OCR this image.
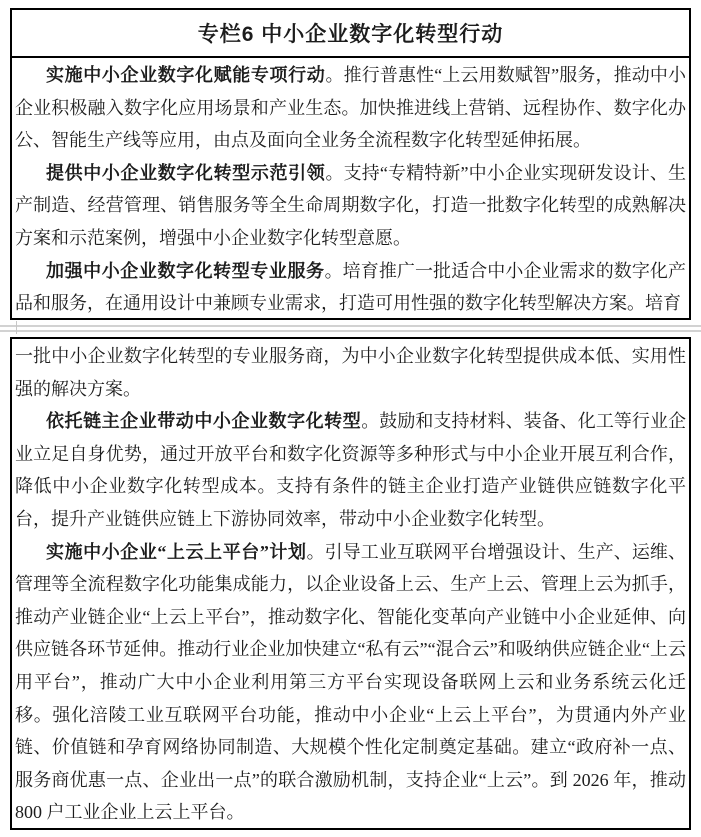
专栏6 中小企业数字化转型行动

实施中小企业数字化赋能专项行动。推行普惠性“上云用数赋智”服务，推动中小企业积极融入数字化应用场景和产业生态。加快推进线上营销、远程协作、数字化办公、智能生产线等应用，由点及面向全业务全流程数字化转型延伸拓展。

提供中小企业数字化转型示范引领。支持“专精特新”中小企业实现研发设计、生产制造、经营管理、销售服务等全生命周期数字化，打造一批数字化转型的成熟解决方案和示范案例，增强中小企业数字化转型意愿。

加强中小企业数字化转型专业服务。培育推广一批适合中小企业需求的数字化产品和服务，在通用设计中兼顾专业需求，打造可用性强的数字化转型解决方案。培育

一批中小企业数字化转型的专业服务商，为中小企业数字化转型提供成本低、实用性强的解决方案。

依托链主企业带动中小企业数字化转型。鼓励和支持材料、装备、化工等行业企业立足自身优势，通过开放平台和数字化资源等多种形式与中小企业开展互利合作，降低中小企业数字化转型成本。支持有条件的链主企业打造产业链供应链数字化平台，提升产业链供应链上下游协同效率，带动中小企业数字化转型。

实施中小企业“上云上平台”计划。引导工业互联网平台增强设计、生产、运维、管理等全流程数字化功能集成能力，以企业设备上云、生产上云、管理上云为抓手，推动产业链企业“上云上平台”，推动数字化、智能化变革向产业链中小企业延伸、向供应链各环节延伸。推动行业企业加快建立“私有云”“混合云”和吸纳供应链企业“上云用平台”，推动广大中小企业利用第三方平台实现设备联网上云和业务系统云化迁移。强化涪陵工业互联网平台功能，推动中小企业“上云上平台”，为贯通内外产业链、价值链和孕育网络协同制造、大规模个性化定制奠定基础。建立“政府补一点、服务商优惠一点、企业出一点”的联合激励机制，支持企业“上云”。到 2026 年，推动 800 户工业企业上云上平台。
